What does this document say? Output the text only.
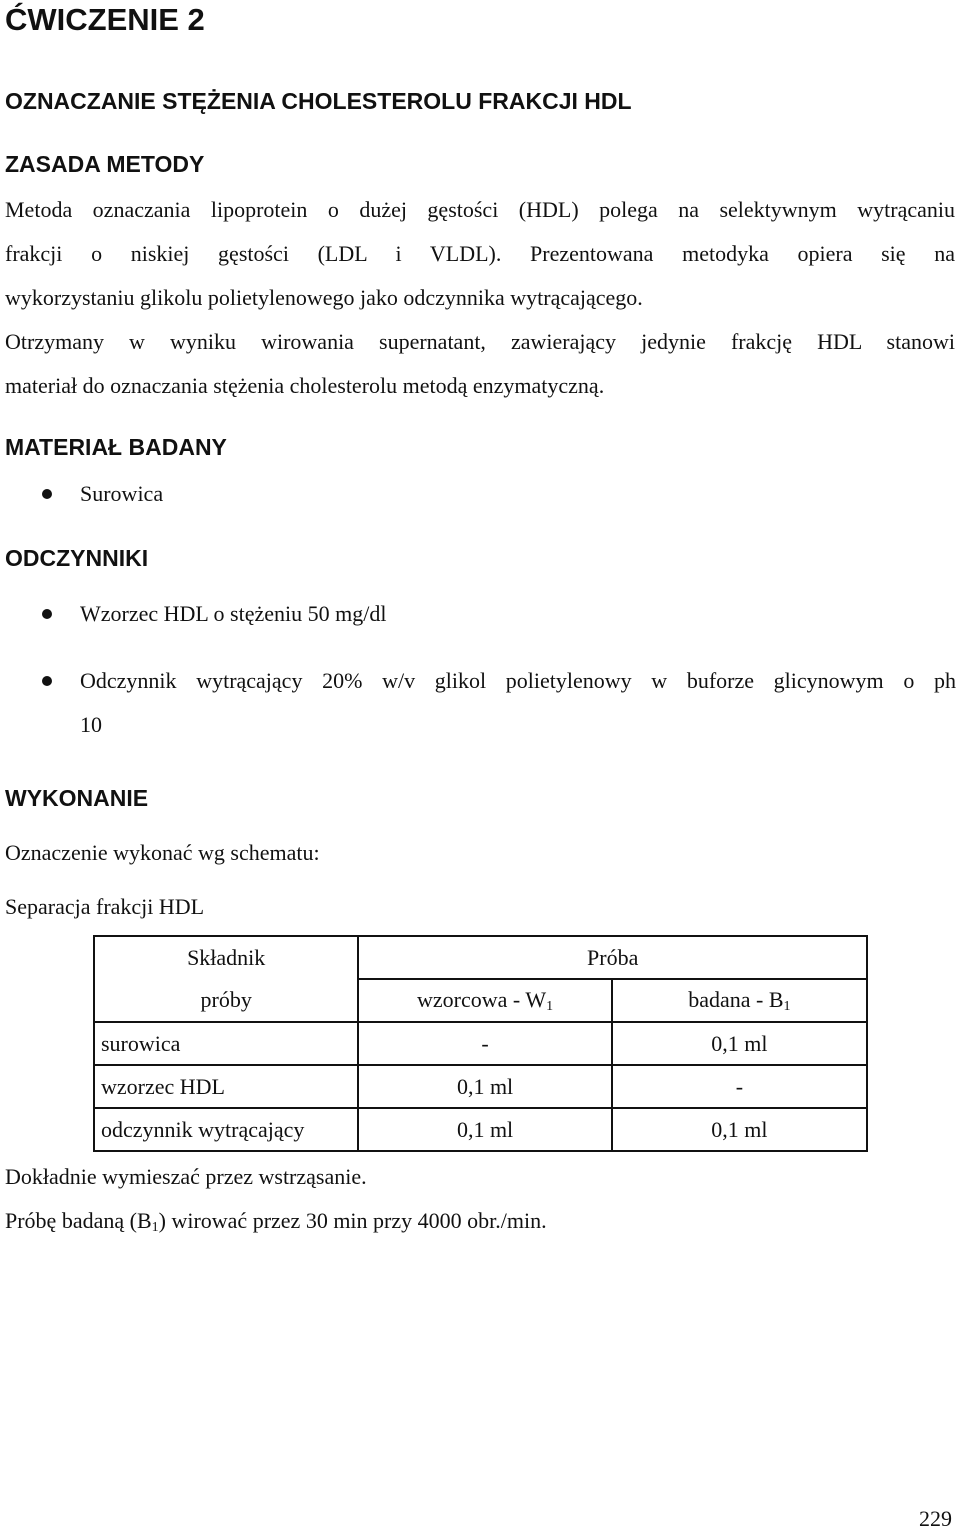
ĆWICZENIE 2
OZNACZANIE STĘŻENIA CHOLESTEROLU FRAKCJI HDL
ZASADA METODY
Metoda oznaczania lipoprotein o dużej gęstości (HDL) polega na selektywnym wytrącaniu
frakcji o niskiej gęstości (LDL i VLDL). Prezentowana metodyka opiera się na
wykorzystaniu glikolu polietylenowego jako odczynnika wytrącającego.
Otrzymany w wyniku wirowania supernatant, zawierający jedynie frakcję HDL stanowi
materiał do oznaczania stężenia cholesterolu metodą enzymatyczną.
MATERIAŁ BADANY
Surowica
ODCZYNNIKI
Wzorzec HDL o stężeniu 50 mg/dl
Odczynnik wytrącający 20% w/v glikol polietylenowy w buforze glicynowym o ph
10
WYKONANIE
Oznaczenie wykonać wg schematu:
Separacja frakcji HDL
Składnik	Próba	
próby	wzorcowa - $W_1$	badana - $B_1$
surowica	-	0,1 ml
wzorzec HDL	0,1 ml	-
odczynnik wytrącający	0,1 ml	0,1 ml
Dokładnie wymieszać przez wstrząsanie.
Próbę badaną $(B_1)$ wirować przez 30 min przy 4000 obr./min.
229
